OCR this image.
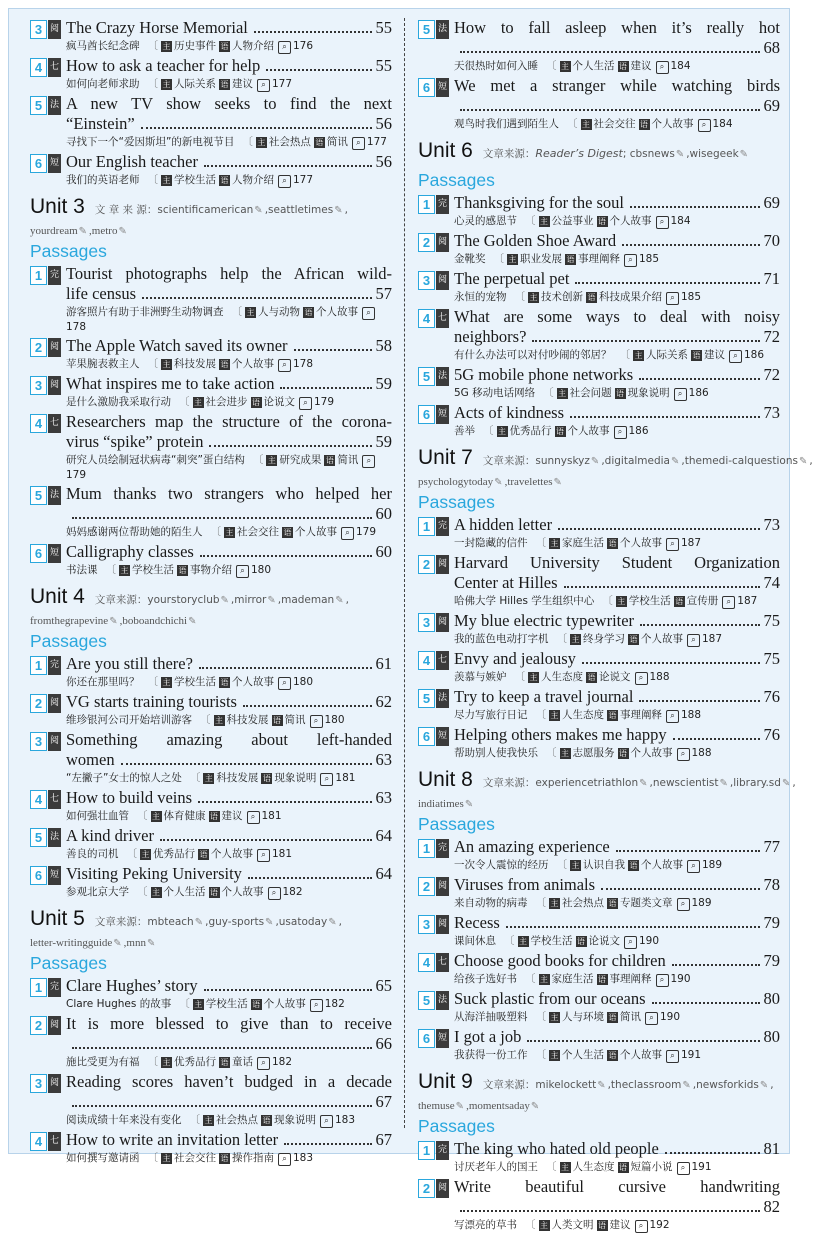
3 阅 The Crazy Horse Memorial	55
疯马酋长纪念碑 〔 主 历史事件 语 人物介绍 ⌕ 176
4 七 How to ask a teacher for help	55
如何向老师求助 〔 主 人际关系 语 建议 ⌕ 177
5 法 A new TV show seeks to find the next
“Einstein”	56
寻找下一个“爱因斯坦”的新电视节目 〔 主 社会热点 语 简讯 ⌕ 177
6 短 Our English teacher	56
我们的英语老师 〔 主 学校生活 语 人物介绍 ⌕ 177
Unit 3 文 章 来 源：scientificamerican✎ ,seattletimes✎ ,
yourdream✎ ,metro✎
Passages
1 完 Tourist photographs help the African wild-
life census	57
游客照片有助于非洲野生动物调查 〔 主 人与动物 语 个人故事 ⌕178
2 阅 The Apple Watch saved its owner	58
苹果腕表救主人 〔 主 科技发展 语 个人故事 ⌕ 178
3 阅 What inspires me to take action	59
是什么激励我采取行动 〔 主 社会进步 语 论说文 ⌕ 179
4 七 Researchers map the structure of the corona-
virus “spike” protein	59
研究人员绘制冠状病毒“刺突”蛋白结构 〔 主 研究成果 语 简讯 ⌕179
5 法 Mum thanks two strangers who helped her
60
妈妈感谢两位帮助她的陌生人 〔 主 社会交往 语 个人故事 ⌕ 179
6 短 Calligraphy classes	60
书法课 〔 主 学校生活 语 事物介绍 ⌕ 180
Unit 4 文章来源：yourstoryclub✎ ,mirror✎ ,mademan✎ ,
fromthegrapevine✎ ,boboandchichi✎
Passages
1 完 Are you still there?	61
你还在那里吗？ 〔 主 学校生活 语 个人故事 ⌕ 180
2 阅 VG starts training tourists	62
维珍银河公司开始培训游客 〔 主 科技发展 语 简讯 ⌕ 180
3 阅 Something amazing about left-handed
women	63
“左撇子”女士的惊人之处 〔 主 科技发展 语 现象说明 ⌕ 181
4 七 How to build veins	63
如何强壮血管 〔 主 体育健康 语 建议 ⌕ 181
5 法 A kind driver	64
善良的司机 〔 主 优秀品行 语 个人故事 ⌕ 181
6 短 Visiting Peking University	64
参观北京大学 〔 主 个人生活 语 个人故事 ⌕ 182
Unit 5 文章来源：mbteach✎ ,guy-sports✎ ,usatoday✎ ,
letter-writingguide✎ ,mnn✎
Passages
1 完 Clare Hughes’ story	65
Clare Hughes 的故事 〔 主 学校生活 语 个人故事 ⌕ 182
2 阅 It is more blessed to give than to receive
66
施比受更为有福 〔 主 优秀品行 语 童话 ⌕ 182
3 阅 Reading scores haven’t budged in a decade
67
阅读成绩十年来没有变化 〔 主 社会热点 语 现象说明 ⌕ 183
4 七 How to write an invitation letter	67
如何撰写邀请函 〔 主 社会交往 语 操作指南 ⌕ 183
5 法 How to fall asleep when it’s really hot
68
天很热时如何入睡 〔 主 个人生活 语 建议 ⌕ 184
6 短 We met a stranger while watching birds
69
观鸟时我们遇到陌生人 〔 主 社会交往 语 个人故事 ⌕ 184
Unit 6 文章来源：Reader’s Digest; cbsnews✎ ,wisegeek✎
Passages
1 完 Thanksgiving for the soul	69
心灵的感恩节 〔 主 公益事业 语 个人故事 ⌕ 184
2 阅 The Golden Shoe Award	70
金靴奖 〔 主 职业发展 语 事理阐释 ⌕ 185
3 阅 The perpetual pet	71
永恒的宠物 〔 主 技术创新 语 科技成果介绍 ⌕ 185
4 七 What are some ways to deal with noisy
neighbors?	72
有什么办法可以对付吵闹的邻居？ 〔 主 人际关系 语 建议 ⌕ 186
5 法 5G mobile phone networks	72
5G 移动电话网络 〔 主 社会问题 语 现象说明 ⌕ 186
6 短 Acts of kindness	73
善举 〔 主 优秀品行 语 个人故事 ⌕ 186
Unit 7 文章来源：sunnyskyz✎ ,digitalmedia✎ ,themedi-calquestions✎ ,
psychologytoday✎ ,travelettes✎
Passages
1 完 A hidden letter	73
一封隐藏的信件 〔 主 家庭生活 语 个人故事 ⌕ 187
2 阅 Harvard University Student Organization
Center at Hilles	74
哈佛大学 Hilles 学生组织中心 〔 主 学校生活 语 宣传册 ⌕ 187
3 阅 My blue electric typewriter	75
我的蓝色电动打字机 〔 主 终身学习 语 个人故事 ⌕ 187
4 七 Envy and jealousy	75
羡慕与嫉妒 〔 主 人生态度 语 论说文 ⌕ 188
5 法 Try to keep a travel journal	76
尽力写旅行日记 〔 主 人生态度 语 事理阐释 ⌕ 188
6 短 Helping others makes me happy	76
帮助别人使我快乐 〔 主 志愿服务 语 个人故事 ⌕ 188
Unit 8 文章来源：experiencetriathlon✎ ,newscientist✎ ,library.sd✎ ,
indiatimes✎
Passages
1 完 An amazing experience	77
一次令人震惊的经历 〔 主 认识自我 语 个人故事 ⌕ 189
2 阅 Viruses from animals	78
来自动物的病毒 〔 主 社会热点 语 专题类文章 ⌕ 189
3 阅 Recess	79
课间休息 〔 主 学校生活 语 论说文 ⌕ 190
4 七 Choose good books for children	79
给孩子选好书 〔 主 家庭生活 语 事理阐释 ⌕ 190
5 法 Suck plastic from our oceans	80
从海洋抽吸塑料 〔 主 人与环境 语 简讯 ⌕ 190
6 短 I got a job	80
我获得一份工作 〔 主 个人生活 语 个人故事 ⌕ 191
Unit 9 文章来源：mikelockett✎ ,theclassroom✎ ,newsforkids✎ ,
themuse✎ ,momentsaday✎
Passages
1 完 The king who hated old people	81
讨厌老年人的国王 〔 主 人生态度 语 短篇小说 ⌕ 191
2 阅 Write beautiful cursive handwriting
82
写漂亮的草书 〔 主 人类文明 语 建议 ⌕ 192
